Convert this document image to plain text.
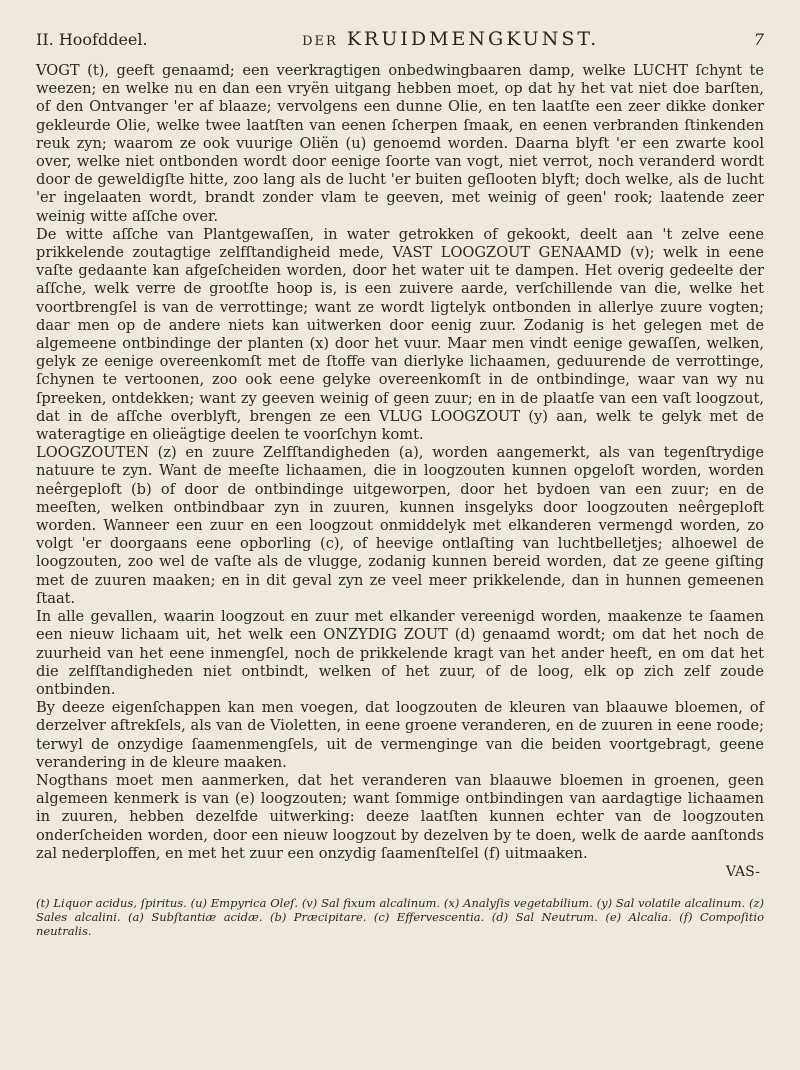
II. Hoofddeel.	DER KRUIDMENGKUNST.	7

VOGT (t), geeft genaamd; een veerkragtigen onbedwingbaaren damp, welke LUCHT ſchynt te weezen; en welke nu en dan een vryën uitgang hebben moet, op dat hy het vat niet doe barſten, of den Ontvanger 'er af blaaze; vervolgens een dunne Olie, en ten laatſte een zeer dikke donker gekleurde Olie, welke twee laatſten van eenen ſcherpen ſmaak, en eenen verbranden ſtinkenden reuk zyn; waarom ze ook vuurige Oliën (u) genoemd worden. Daarna blyft 'er een zwarte kool over, welke niet ontbonden wordt door eenige ſoorte van vogt, niet verrot, noch veranderd wordt door de geweldigſte hitte, zoo lang als de lucht 'er buiten geſlooten blyft; doch welke, als de lucht 'er ingelaaten wordt, brandt zonder vlam te geeven, met weinig of geen' rook; laatende zeer weinig witte aſſche over.

De witte aſſche van Plantgewaſſen, in water getrokken of gekookt, deelt aan 't zelve eene prikkelende zoutagtige zelfſtandigheid mede, VAST LOOGZOUT GENAAMD (v); welk in eene vaſte gedaante kan afgeſcheiden worden, door het water uit te dampen. Het overig gedeelte der aſſche, welk verre de grootſte hoop is, is een zuivere aarde, verſchillende van die, welke het voortbrengſel is van de verrottinge; want ze wordt ligtelyk ontbonden in allerlye zuure vogten; daar men op de andere niets kan uitwerken door eenig zuur. Zodanig is het gelegen met de algemeene ontbindinge der planten (x) door het vuur. Maar men vindt eenige gewaſſen, welken, gelyk ze eenige overeenkomſt met de ſtoffe van dierlyke lichaamen, geduurende de verrottinge, ſchynen te vertoonen, zoo ook eene gelyke overeenkomſt in de ontbindinge, waar van wy nu ſpreeken, ontdekken; want zy geeven weinig of geen zuur; en in de plaatſe van een vaſt loogzout, dat in de aſſche overblyft, brengen ze een VLUG LOOGZOUT (y) aan, welk te gelyk met de wateragtige en olieägtige deelen te voorſchyn komt.

LOOGZOUTEN (z) en zuure Zelfſtandigheden (a), worden aangemerkt, als van tegenſtrydige natuure te zyn. Want de meeſte lichaamen, die in loogzouten kunnen opgeloſt worden, worden neêrgeploft (b) of door de ontbindinge uitgeworpen, door het bydoen van een zuur; en de meeſten, welken ontbindbaar zyn in zuuren, kunnen insgelyks door loogzouten neêrgeploft worden. Wanneer een zuur en een loogzout onmiddelyk met elkanderen vermengd worden, zo volgt 'er doorgaans eene opborling (c), of heevige ontlaſting van luchtbelletjes; alhoewel de loogzouten, zoo wel de vaſte als de vlugge, zodanig kunnen bereid worden, dat ze geene giſting met de zuuren maaken; en in dit geval zyn ze veel meer prikkelende, dan in hunnen gemeenen ſtaat.

In alle gevallen, waarin loogzout en zuur met elkander vereenigd worden, maakenze te ſaamen een nieuw lichaam uit, het welk een ONZYDIG ZOUT (d) genaamd wordt; om dat het noch de zuurheid van het eene inmengſel, noch de prikkelende kragt van het ander heeft, en om dat het die zelfſtandigheden niet ontbindt, welken of het zuur, of de loog, elk op zich zelf zoude ontbinden.

By deeze eigenſchappen kan men voegen, dat loogzouten de kleuren van blaauwe bloemen, of derzelver aftrekſels, als van de Violetten, in eene groene veranderen, en de zuuren in eene roode; terwyl de onzydige ſaamenmengſels, uit de vermenginge van die beiden voortgebragt, geene verandering in de kleure maaken.

Nogthans moet men aanmerken, dat het veranderen van blaauwe bloemen in groenen, geen algemeen kenmerk is van (e) loogzouten; want ſommige ontbindingen van aardagtige lichaamen in zuuren, hebben dezelfde uitwerking: deeze laatſten kunnen echter van de loogzouten onderſcheiden worden, door een nieuw loogzout by dezelven by te doen, welk de aarde aanſtonds zal nederploffen, en met het zuur een onzydig ſaamenſtelſel (f) uitmaaken.

VAS-
(t) Liquor acidus, ſpiritus. (u) Empyrica Oleſ. (v) Sal fixum alcalinum. (x) Analyſis vegetabilium. (y) Sal volatile alcalinum. (z) Sales alcalini. (a) Subſtantiæ acidæ. (b) Præcipitare. (c) Effervescentia. (d) Sal Neutrum. (e) Alcalia. (f) Compoſitio neutralis.
